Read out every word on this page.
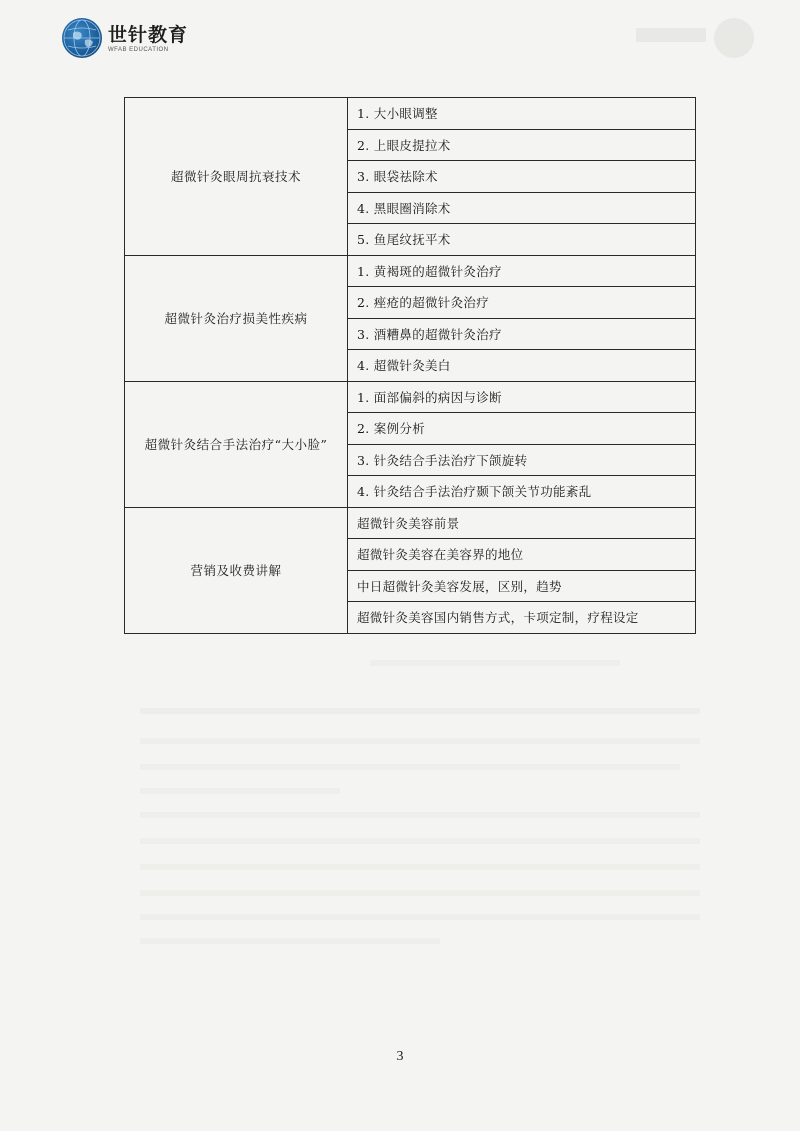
世针教育
WFAB EDUCATION
超微针灸眼周抗衰技术	1. 大小眼调整
	2. 上眼皮提拉术
	3. 眼袋祛除术
	4. 黑眼圈消除术
	5. 鱼尾纹抚平术
超微针灸治疗损美性疾病	1. 黄褐斑的超微针灸治疗
	2. 痤疮的超微针灸治疗
	3. 酒糟鼻的超微针灸治疗
	4. 超微针灸美白
超微针灸结合手法治疗“大小脸”	1. 面部偏斜的病因与诊断
	2. 案例分析
	3. 针灸结合手法治疗下颌旋转
	4. 针灸结合手法治疗颞下颌关节功能紊乱
营销及收费讲解	超微针灸美容前景
	超微针灸美容在美容界的地位
	中日超微针灸美容发展，区别，趋势
	超微针灸美容国内销售方式，卡项定制，疗程设定
3
